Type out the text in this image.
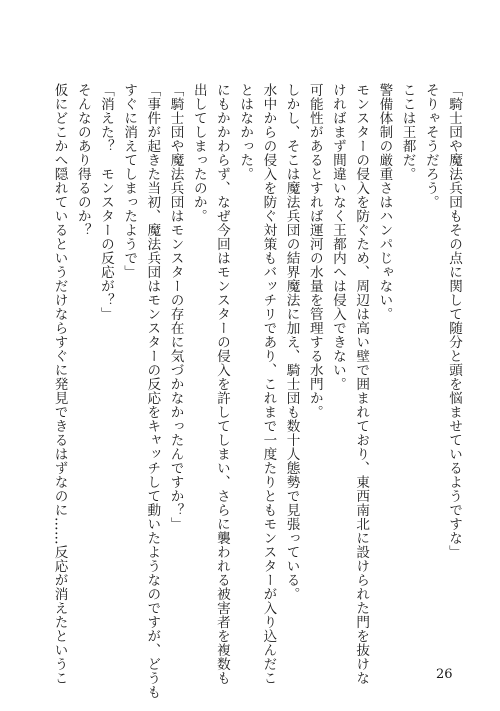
「騎士団や魔法兵団もその点に関して随分と頭を悩ませているようですな」
そりゃそうだろう。
ここは王都だ。
警備体制の厳重さはハンパじゃない。
モンスターの侵入を防ぐため、周辺は高い壁で囲まれており、東西南北に設けられた門を抜けな
ければまず間違いなく王都内へは侵入できない。
可能性があるとすれば運河の水量を管理する水門か。
しかし、そこは魔法兵団の結界魔法に加え、騎士団も数十人態勢で見張っている。
水中からの侵入を防ぐ対策もバッチリであり、これまで一度たりともモンスターが入り込んだこ
とはなかった。
にもかかわらず、なぜ今回はモンスターの侵入を許してしまい、さらに襲われる被害者を複数も
出してしまったのか。
「騎士団や魔法兵団はモンスターの存在に気づかなかったんですか？」
「事件が起きた当初、魔法兵団はモンスターの反応をキャッチして動いたようなのですが、どうも
すぐに消えてしまったようで」
「消えた？　モンスターの反応が？」
そんなのあり得るのか？
仮にどこかへ隠れているというだけならすぐに発見できるはずなのに……反応が消えたというこ	26
